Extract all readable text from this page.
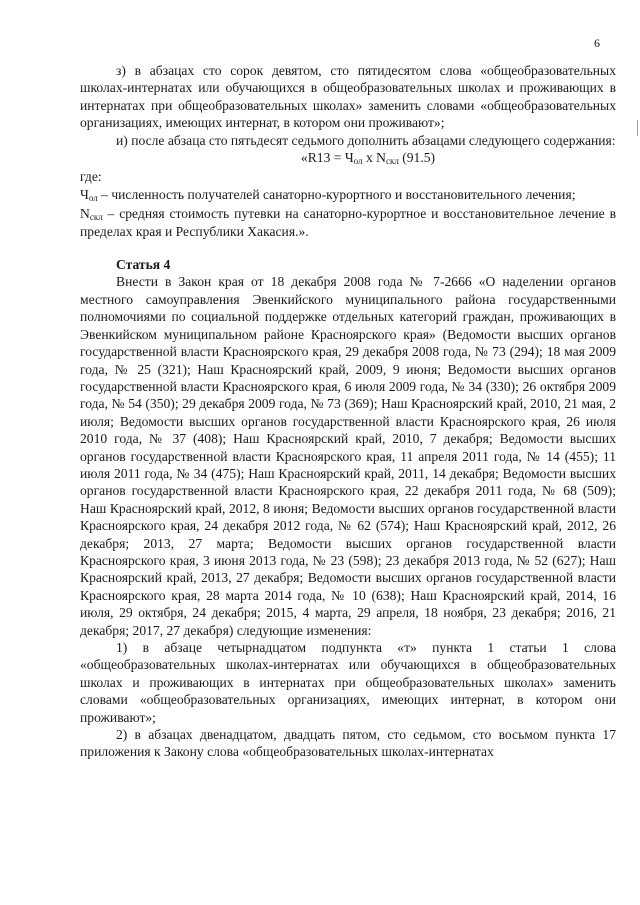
6

з) в абзацах сто сорок девятом, сто пятидесятом слова «общеобразовательных школах-интернатах или обучающихся в общеобразовательных школах и проживающих в интернатах при общеобразовательных школах» заменить словами «общеобразовательных организациях, имеющих интернат, в котором они проживают»;

и) после абзаца сто пятьдесят седьмого дополнить абзацами следующего содержания:

«$R13 = Ч_{ол}$ x $N_{скл}$ (91.5)

где:

$Ч_{ол}$ – численность получателей санаторно-курортного и восстановительного лечения;

$N_{скл}$ – средняя стоимость путевки на санаторно-курортное и восстановительное лечение в пределах края и Республики Хакасия.».

Статья 4

Внести в Закон края от 18 декабря 2008 года № 7-2666 «О наделении органов местного самоуправления Эвенкийского муниципального района государственными полномочиями по социальной поддержке отдельных категорий граждан, проживающих в Эвенкийском муниципальном районе Красноярского края» (Ведомости высших органов государственной власти Красноярского края, 29 декабря 2008 года, № 73 (294); 18 мая 2009 года, № 25 (321); Наш Красноярский край, 2009, 9 июня; Ведомости высших органов государственной власти Красноярского края, 6 июля 2009 года, № 34 (330); 26 октября 2009 года, № 54 (350); 29 декабря 2009 года, № 73 (369); Наш Красноярский край, 2010, 21 мая, 2 июля; Ведомости высших органов государственной власти Красноярского края, 26 июля 2010 года, № 37 (408); Наш Красноярский край, 2010, 7 декабря; Ведомости высших органов государственной власти Красноярского края, 11 апреля 2011 года, № 14 (455); 11 июля 2011 года, № 34 (475); Наш Красноярский край, 2011, 14 декабря; Ведомости высших органов государственной власти Красноярского края, 22 декабря 2011 года, № 68 (509); Наш Красноярский край, 2012, 8 июня; Ведомости высших органов государственной власти Красноярского края, 24 декабря 2012 года, № 62 (574); Наш Красноярский край, 2012, 26 декабря; 2013, 27 марта; Ведомости высших органов государственной власти Красноярского края, 3 июня 2013 года, № 23 (598); 23 декабря 2013 года, № 52 (627); Наш Красноярский край, 2013, 27 декабря; Ведомости высших органов государственной власти Красноярского края, 28 марта 2014 года, № 10 (638); Наш Красноярский край, 2014, 16 июля, 29 октября, 24 декабря; 2015, 4 марта, 29 апреля, 18 ноября, 23 декабря; 2016, 21 декабря; 2017, 27 декабря) следующие изменения:

1) в абзаце четырнадцатом подпункта «т» пункта 1 статьи 1 слова «общеобразовательных школах-интернатах или обучающихся в общеобразовательных школах и проживающих в интернатах при общеобразовательных школах» заменить словами «общеобразовательных организациях, имеющих интернат, в котором они проживают»;

2) в абзацах двенадцатом, двадцать пятом, сто седьмом, сто восьмом пункта 17 приложения к Закону слова «общеобразовательных школах-интернатах
